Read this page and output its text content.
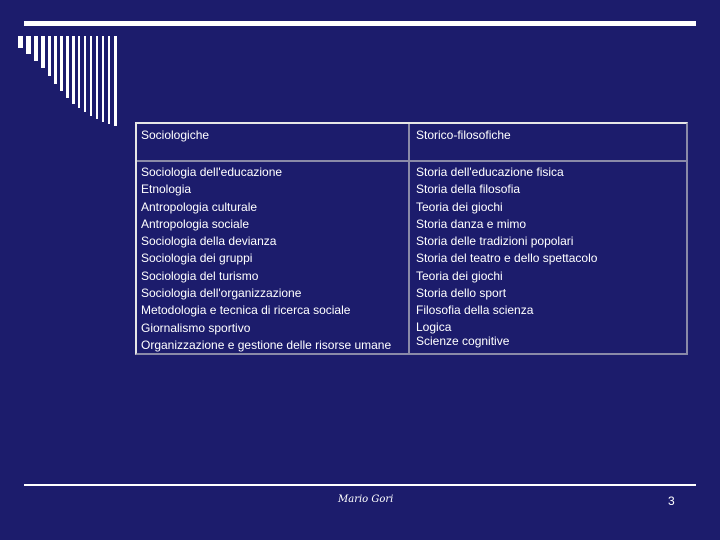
Sociologiche	Storico-filosofiche
Sociologia dell'educazione
Etnologia
Antropologia culturale
Antropologia sociale
Sociologia della devianza
Sociologia dei gruppi
Sociologia del turismo
Sociologia dell'organizzazione
Metodologia e tecnica di ricerca sociale
Giornalismo sportivo
Organizzazione e gestione delle risorse umane
Storia dell'educazione fisica
Storia della filosofia
Teoria dei giochi
Storia danza e mimo
Storia delle tradizioni popolari
Storia del teatro e dello spettacolo
Teoria dei giochi
Storia dello sport
Filosofia della scienza
Logica
Scienze cognitive
Mario Gori	3
